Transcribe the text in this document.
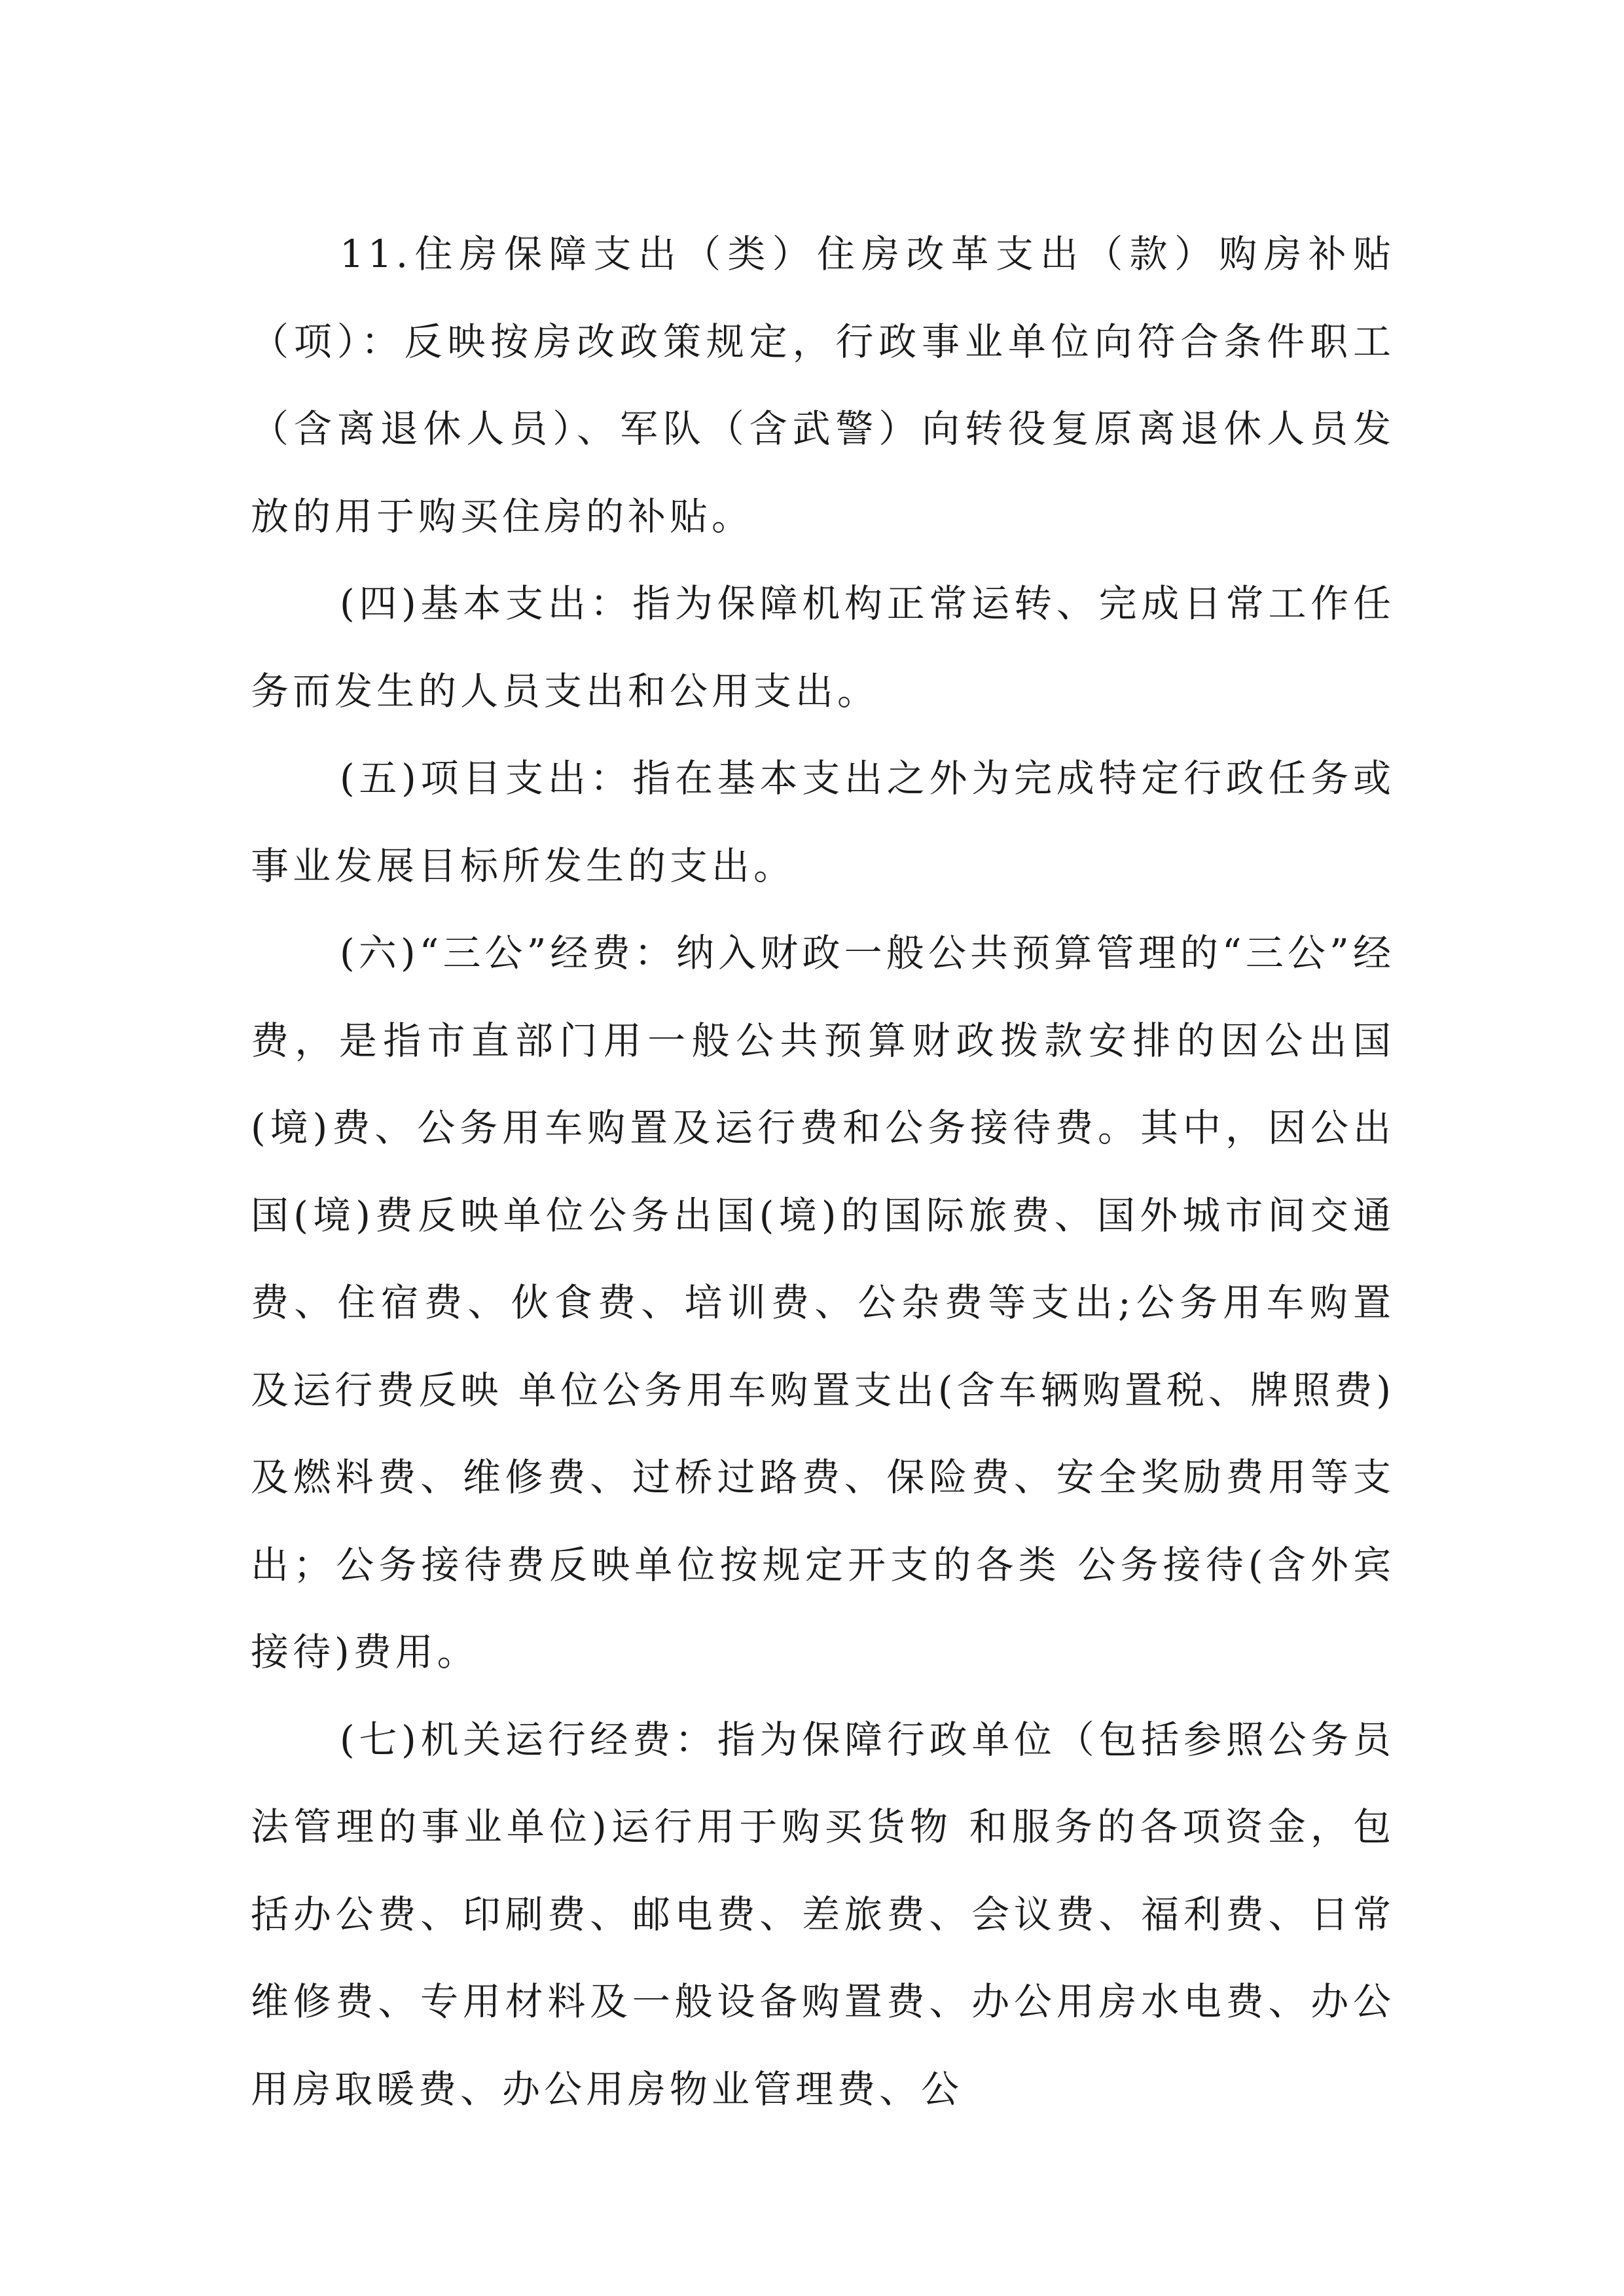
11.住房保障支出（类）住房改革支出（款）购房补贴（项）：反映按房改政策规定，行政事业单位向符合条件职工（含离退休人员）、军队（含武警）向转役复原离退休人员发放的用于购买住房的补贴。

(四)基本支出：指为保障机构正常运转、完成日常工作任务而发生的人员支出和公用支出。

(五)项目支出：指在基本支出之外为完成特定行政任务或事业发展目标所发生的支出。

(六)“三公”经费：纳入财政一般公共预算管理的“三公”经费，是指市直部门用一般公共预算财政拨款安排的因公出国(境)费、公务用车购置及运行费和公务接待费。其中，因公出国(境)费反映单位公务出国(境)的国际旅费、国外城市间交通费、住宿费、伙食费、培训费、公杂费等支出;公务用车购置及运行费反映 单位公务用车购置支出(含车辆购置税、牌照费)及燃料费、维修费、过桥过路费、保险费、安全奖励费用等支出；公务接待费反映单位按规定开支的各类 公务接待(含外宾接待)费用。

(七)机关运行经费：指为保障行政单位（包括参照公务员法管理的事业单位)运行用于购买货物 和服务的各项资金，包括办公费、印刷费、邮电费、差旅费、会议费、福利费、日常维修费、专用材料及一般设备购置费、办公用房水电费、办公用房取暖费、办公用房物业管理费、公
